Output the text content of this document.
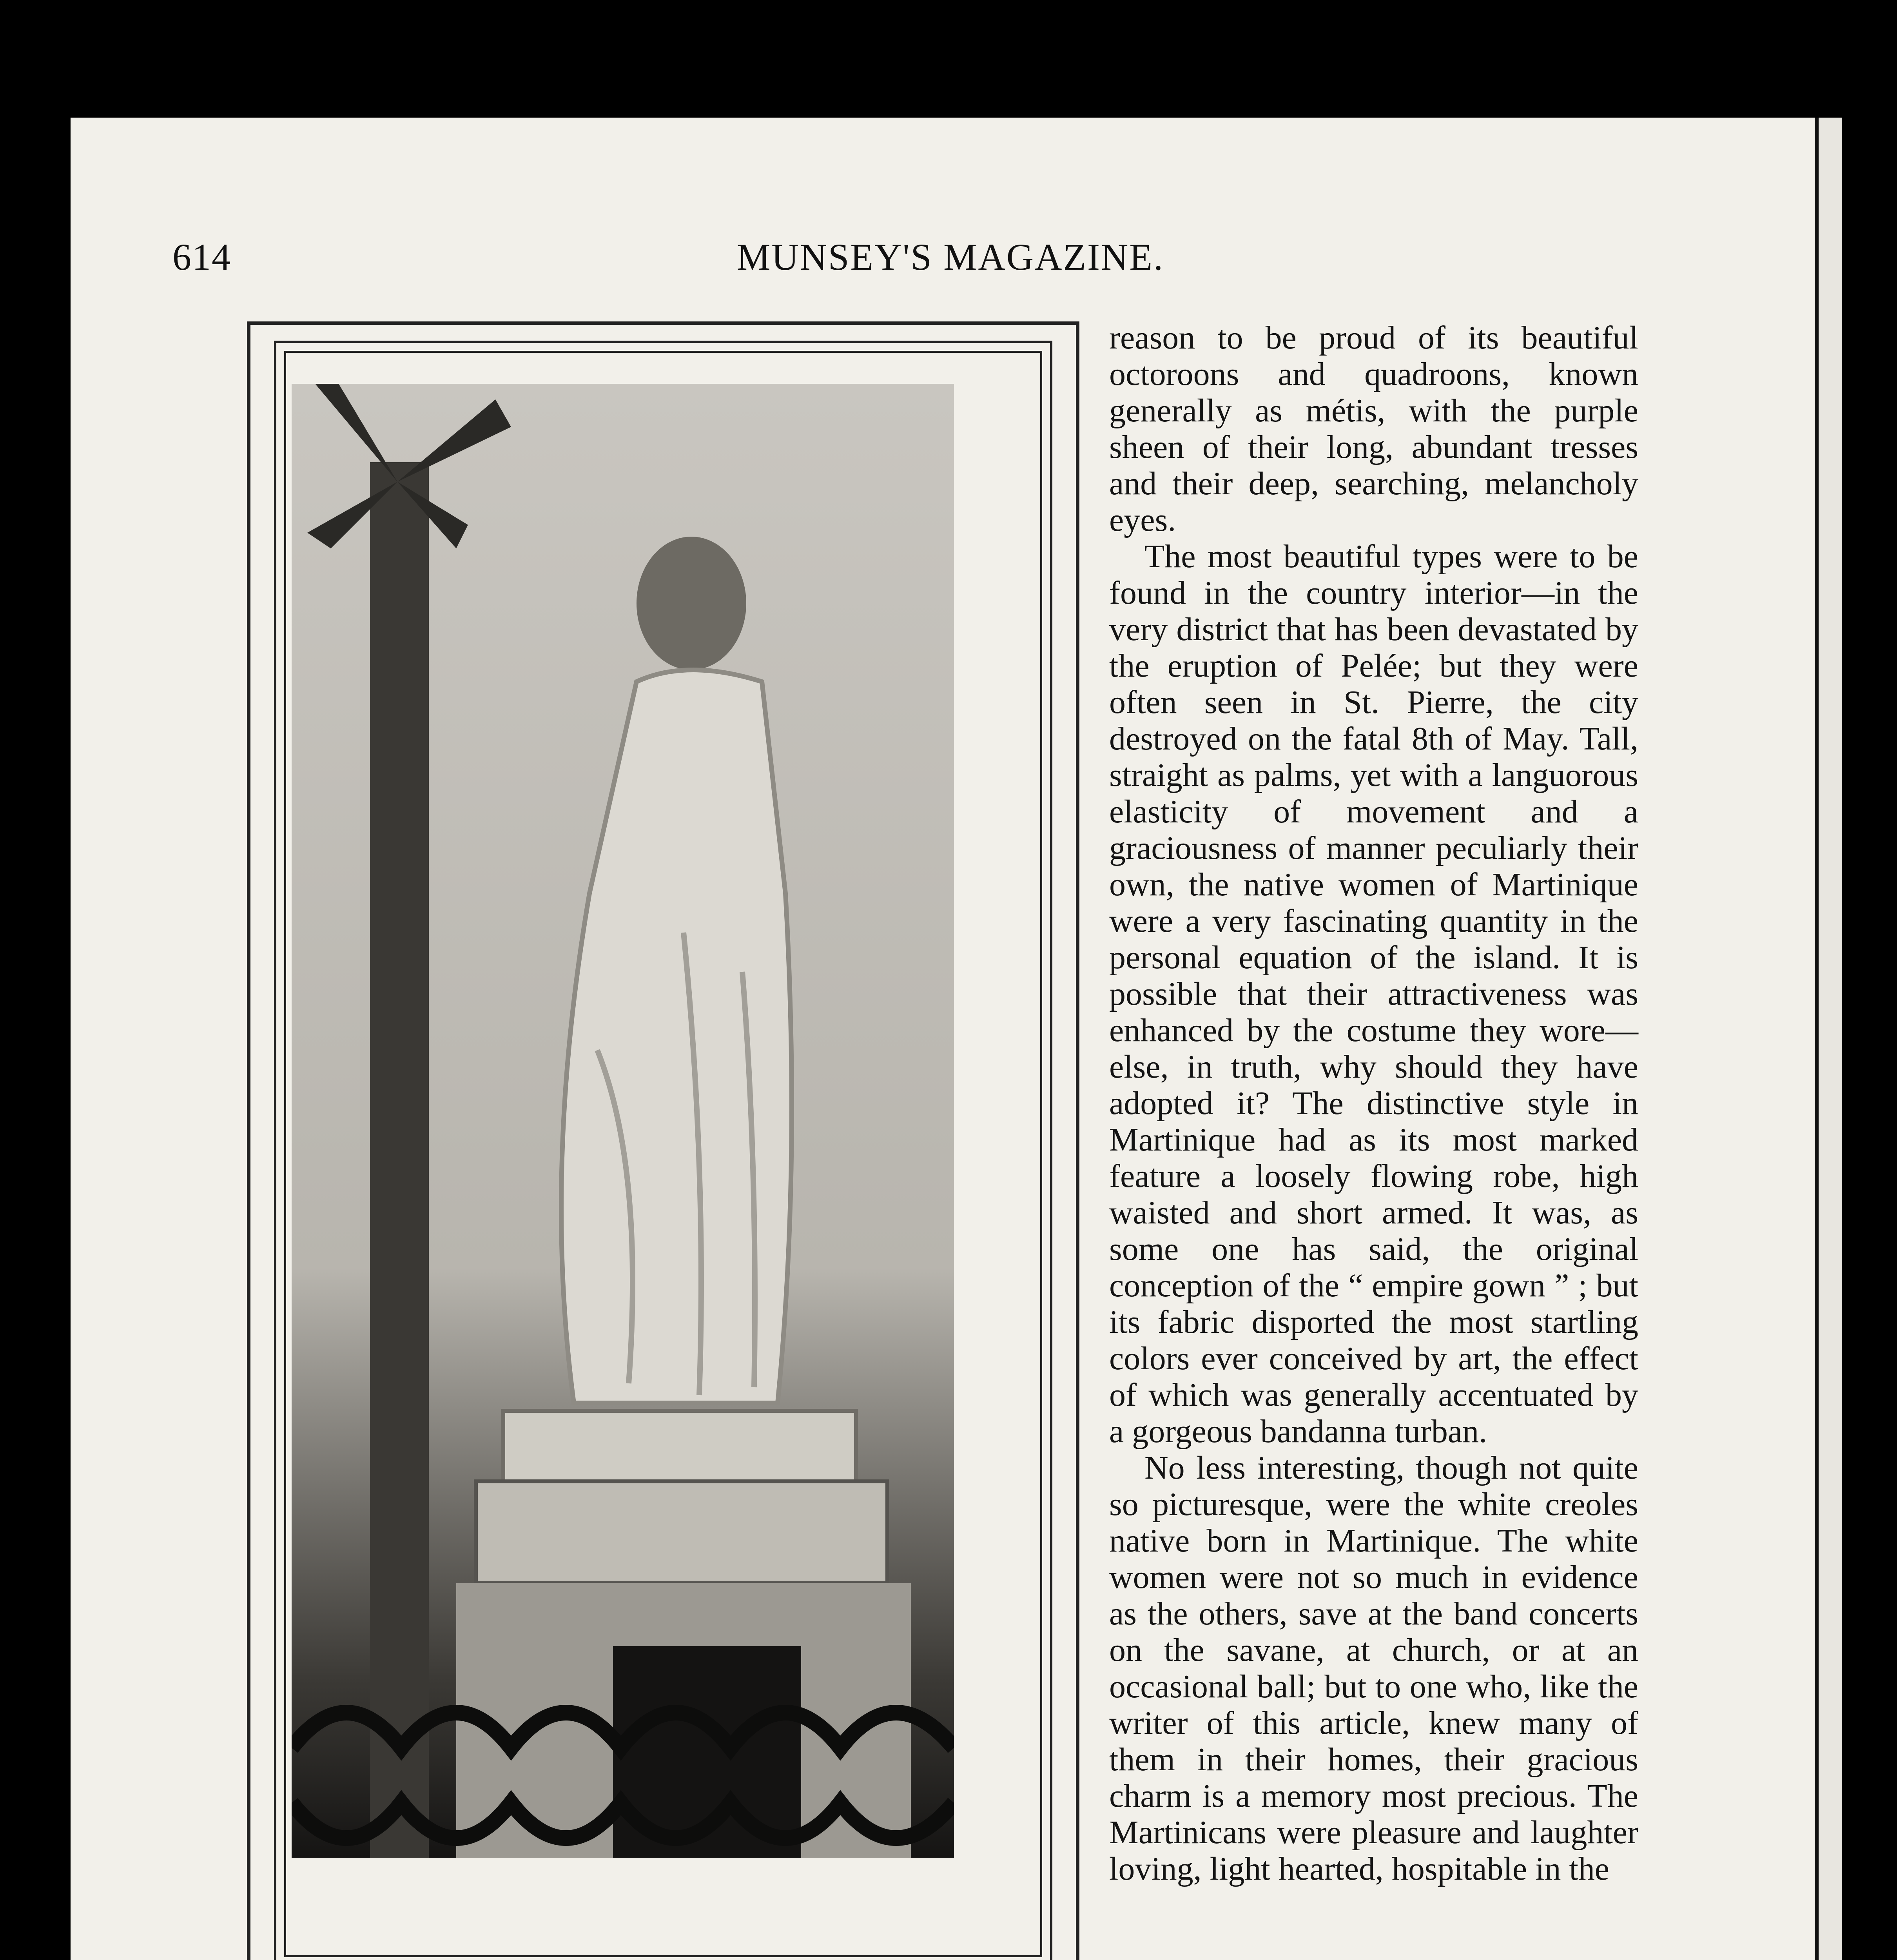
614	MUNSEY'S MAGAZINE.

reason to be proud of its beautiful octoroons and quadroons, known generally as métis, with the purple sheen of their long, abundant tresses and their deep, searching, melancholy eyes.

The most beautiful types were to be found in the country interior—in the very district that has been devastated by the eruption of Pelée; but they were often seen in St. Pierre, the city destroyed on the fatal 8th of May. Tall, straight as palms, yet with a languorous elasticity of movement and a graciousness of manner peculiarly their own, the native women of Martinique were a very fascinating quantity in the personal equation of the island. It is possible that their attractiveness was enhanced by the costume they wore—else, in truth, why should they have adopted it? The distinctive style in Martinique had as its most marked feature a loosely flowing robe, high waisted and short armed. It was, as some one has said, the original conception of the “ empire gown ” ; but its fabric disported the most startling colors ever conceived by art, the effect of which was generally accentuated by a gorgeous bandanna turban.

No less interesting, though not quite so picturesque, were the white creoles native born in Martinique. The white women were not so much in evidence as the others, save at the band concerts on the savane, at church, or at an occasional ball; but to one who, like the writer of this article, knew many of them in their homes, their gracious charm is a memory most precious. The Martinicans were pleasure and laughter loving, light hearted, hospitable in the
